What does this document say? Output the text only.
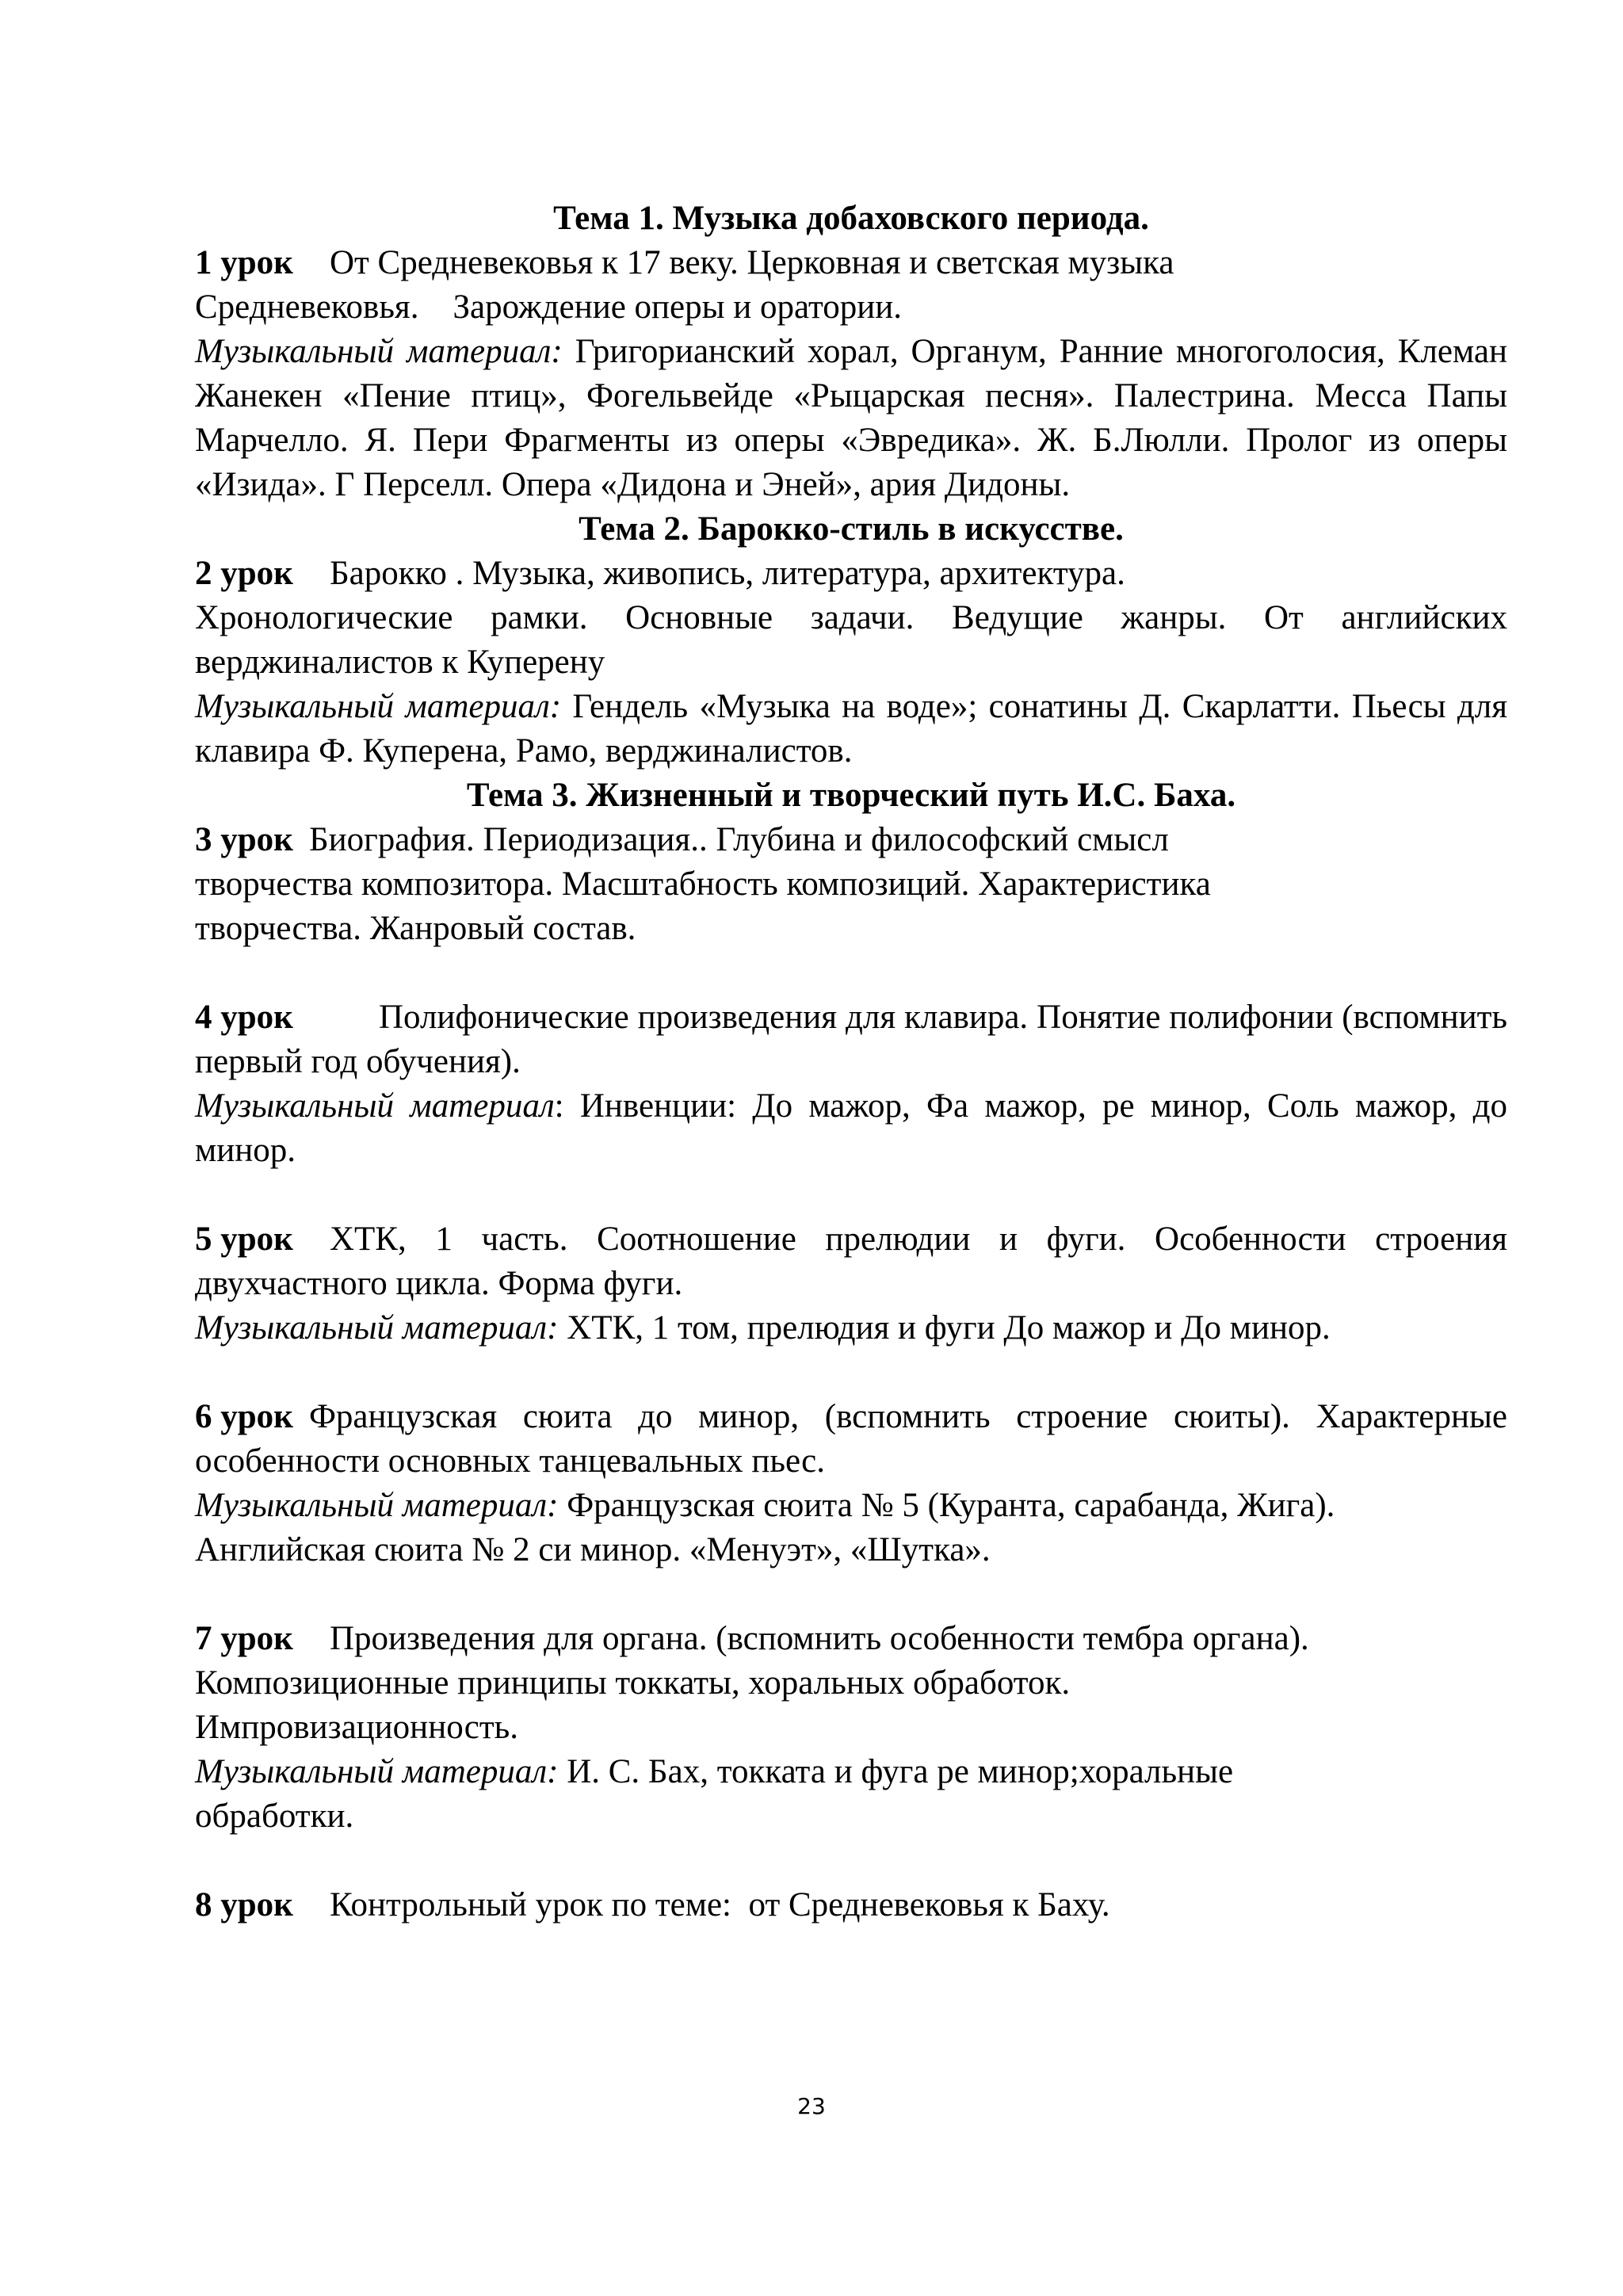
Тема 1. Музыка добаховского периода.

1 урок От Средневековья к 17 веку. Церковная и светская музыка

Средневековья.    Зарождение оперы и оратории.

Музыкальный материал: Григорианский хорал, Органум, Ранние многоголосия, Клеман Жанекен «Пение птиц», Фогельвейде «Рыцарская песня». Палестрина. Месса Папы Марчелло. Я. Пери Фрагменты из оперы «Эвредика». Ж. Б.Люлли. Пролог из оперы «Изида». Г Перселл. Опера «Дидона и Эней», ария Дидоны.

Тема 2. Барокко-стиль в искусстве.

2 урок Барокко . Музыка, живопись, литература, архитектура.

Хронологические рамки. Основные задачи. Ведущие жанры. От английских верджиналистов к Куперену

Музыкальный материал: Гендель «Музыка на воде»; сонатины Д. Скарлатти. Пьесы для клавира Ф. Куперена, Рамо, верджиналистов.

Тема 3. Жизненный и творческий путь И.С. Баха.

3 урок Биография. Периодизация.. Глубина и философский смысл

творчества композитора. Масштабность композиций. Характеристика

творчества. Жанровый состав.

4 урок	Полифонические произведения для клавира. Понятие полифонии (вспомнить первый год обучения).

Музыкальный материал: Инвенции: До мажор, Фа мажор, ре минор, Соль мажор, до минор.

5 урок ХТК, 1 часть. Соотношение прелюдии и фуги. Особенности строения двухчастного цикла. Форма фуги.

Музыкальный материал: ХТК, 1 том, прелюдия и фуги До мажор и До минор.

6 урок Французская сюита до минор, (вспомнить строение сюиты). Характерные особенности основных танцевальных пьес.

Музыкальный материал: Французская сюита № 5 (Куранта, сарабанда, Жига).

Английская сюита № 2 си минор. «Менуэт», «Шутка».

7 урок Произведения для органа. (вспомнить особенности тембра органа).

Композиционные принципы токкаты, хоральных обработок.

Импровизационность.

Музыкальный материал: И. С. Бах, токката и фуга ре минор;хоральные

обработки.

8 урок Контрольный урок по теме:  от Средневековья к Баху.

23
